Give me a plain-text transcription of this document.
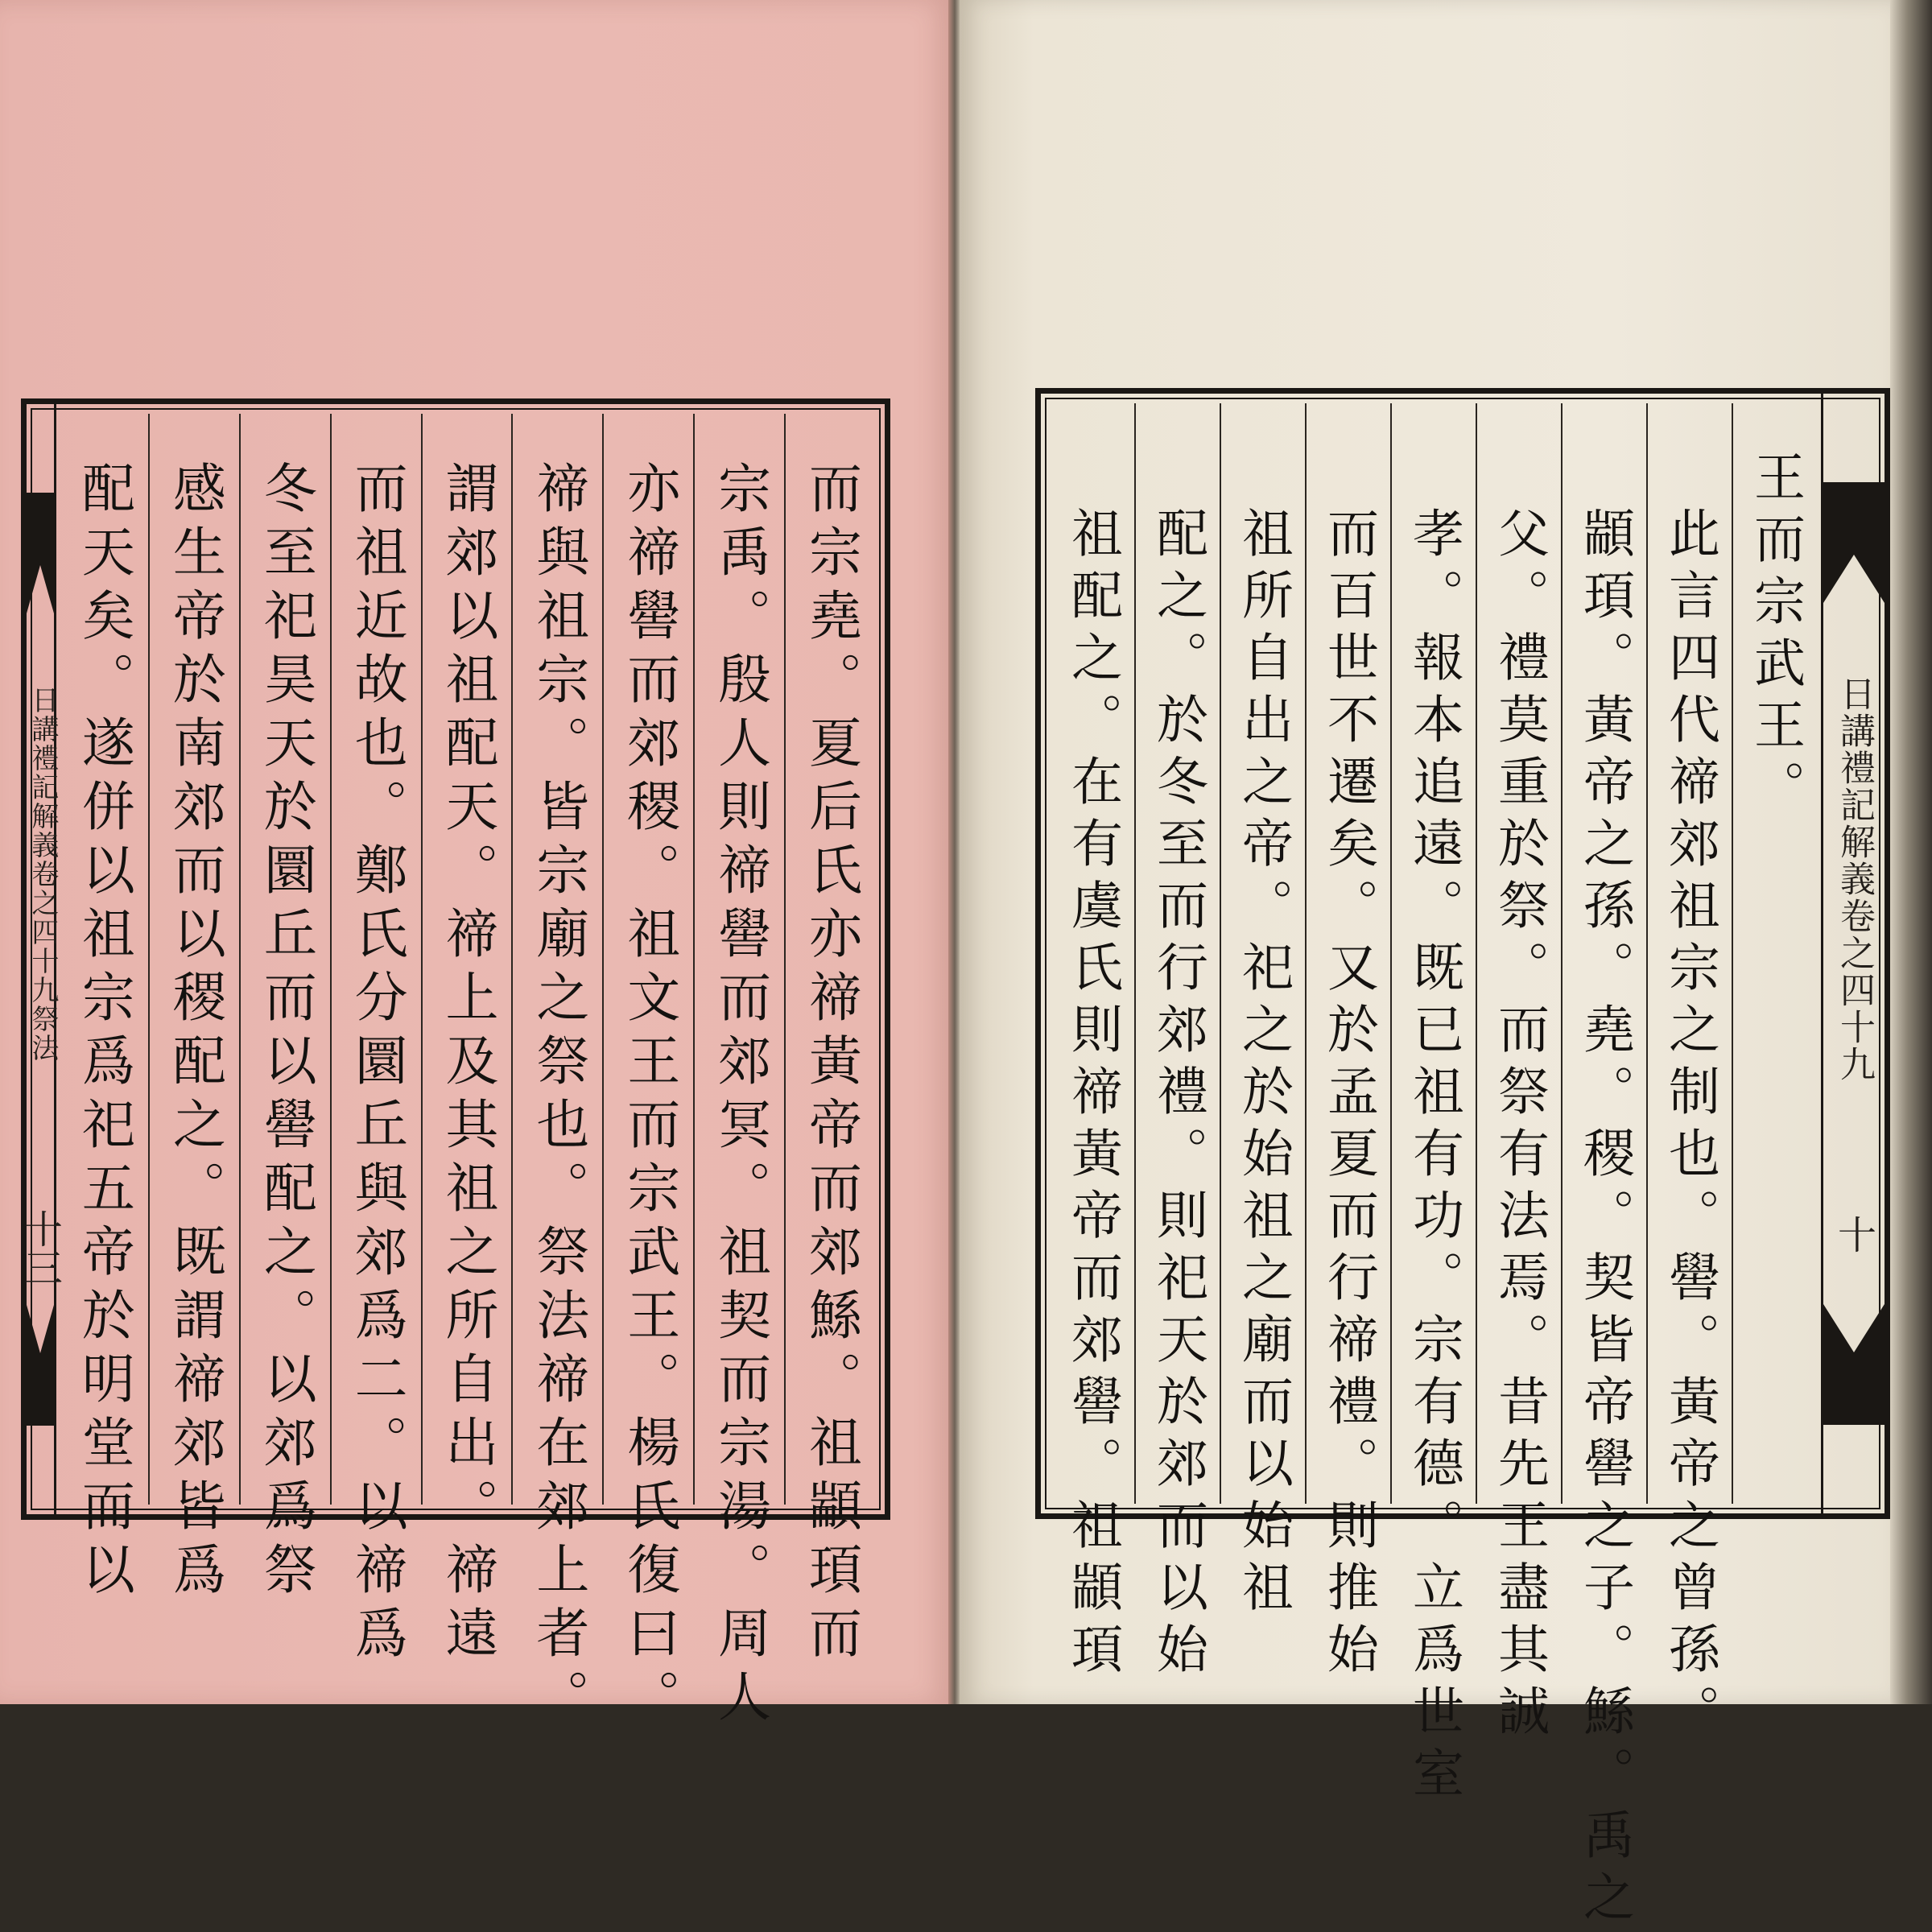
日講禮記解義卷之四十九祭法
十三	而宗堯。夏后氏亦禘黃帝而郊鯀。祖顓頊而
宗禹。殷人則禘嚳而郊冥。祖契而宗湯。周人
亦禘嚳而郊稷。祖文王而宗武王。楊氏復曰。
禘與祖宗。皆宗廟之祭也。祭法禘在郊上者。
謂郊以祖配天。禘上及其祖之所自出。禘遠
而祖近故也。鄭氏分圜丘與郊爲二。以禘爲
冬至祀昊天於圜丘而以嚳配之。以郊爲祭
感生帝於南郊而以稷配之。既謂禘郊皆爲
配天矣。遂併以祖宗爲祀五帝於明堂而以	日講禮記解義卷之四十九
十
王而宗武王。
此言四代禘郊祖宗之制也。嚳。黃帝之曾孫。
顓頊。黃帝之孫。堯。稷。契皆帝嚳之子。鯀。禹之
父。禮莫重於祭。而祭有法焉。昔先王盡其誠
孝。報本追遠。既已祖有功。宗有德。立爲世室
而百世不遷矣。又於孟夏而行禘禮。則推始
祖所自出之帝。祀之於始祖之廟而以始祖
配之。於冬至而行郊禮。則祀天於郊而以始
祖配之。在有虞氏則禘黃帝而郊嚳。祖顓頊
